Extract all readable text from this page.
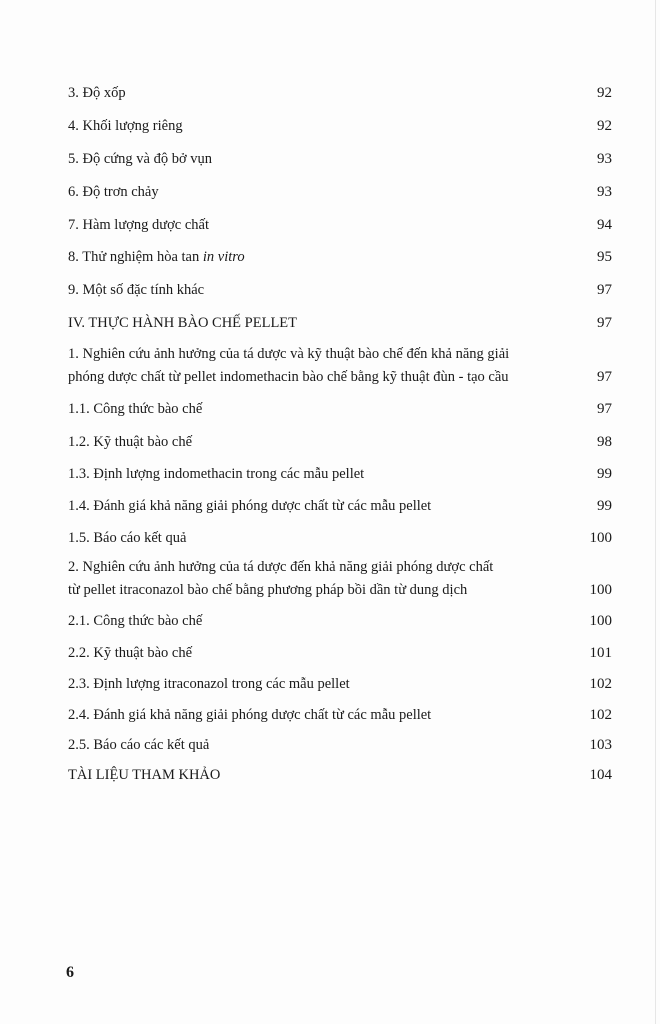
3. Độ xốp	92
4. Khối lượng riêng	92
5. Độ cứng và độ bở vụn	93
6. Độ trơn chảy	93
7. Hàm lượng dược chất	94
8. Thử nghiệm hòa tan in vitro	95
9. Một số đặc tính khác	97
IV. THỰC HÀNH BÀO CHẾ PELLET	97
1. Nghiên cứu ảnh hưởng của tá dược và kỹ thuật bào chế đến khả năng giải
phóng dược chất từ pellet indomethacin bào chế bằng kỹ thuật đùn - tạo cầu	97
1.1. Công thức bào chế	97
1.2. Kỹ thuật bào chế	98
1.3. Định lượng indomethacin trong các mẫu pellet	99
1.4. Đánh giá khả năng giải phóng dược chất từ các mẫu pellet	99
1.5. Báo cáo kết quả	100
2. Nghiên cứu ảnh hưởng của tá dược đến khả năng giải phóng dược chất
từ pellet itraconazol bào chế bằng phương pháp bồi dần từ dung dịch	100
2.1. Công thức bào chế	100
2.2. Kỹ thuật bào chế	101
2.3. Định lượng itraconazol trong các mẫu pellet	102
2.4. Đánh giá khả năng giải phóng dược chất từ các mẫu pellet	102
2.5. Báo cáo các kết quả	103
TÀI LIỆU THAM KHẢO	104
6
